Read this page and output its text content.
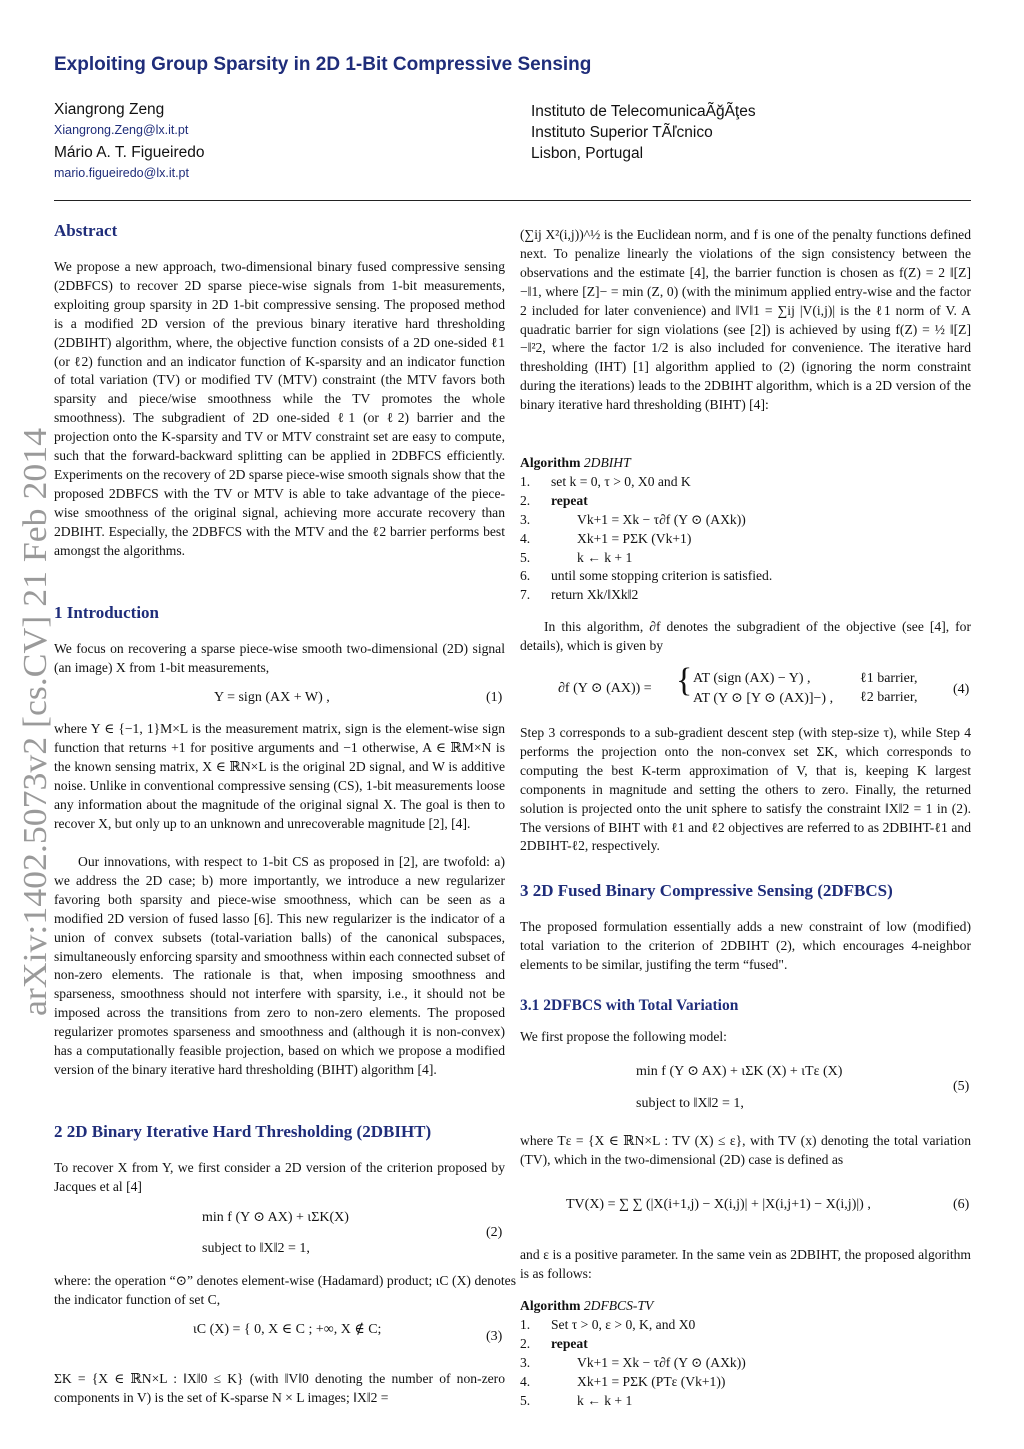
Exploiting Group Sparsity in 2D 1-Bit Compressive Sensing
Xiangrong Zeng
Xiangrong.Zeng@lx.it.pt
Mário A. T. Figueiredo
mario.figueiredo@lx.it.pt
Instituto de TelecomunicaÃğÃţes
Instituto Superior TÃľcnico
Lisbon, Portugal
arXiv:1402.5073v2 [cs.CV] 21 Feb 2014
Abstract
We propose a new approach, two-dimensional binary fused compressive sensing (2DBFCS) to recover 2D sparse piece-wise signals from 1-bit measurements, exploiting group sparsity in 2D 1-bit compressive sensing. The proposed method is a modified 2D version of the previous binary iterative hard thresholding (2DBIHT) algorithm, where, the objective function consists of a 2D one-sided ℓ1 (or ℓ2) function and an indicator function of K-sparsity and an indicator function of total variation (TV) or modified TV (MTV) constraint (the MTV favors both sparsity and piece/wise smoothness while the TV promotes the whole smoothness). The subgradient of 2D one-sided ℓ1 (or ℓ2) barrier and the projection onto the K-sparsity and TV or MTV constraint set are easy to compute, such that the forward-backward splitting can be applied in 2DBFCS efficiently. Experiments on the recovery of 2D sparse piece-wise smooth signals show that the proposed 2DBFCS with the TV or MTV is able to take advantage of the piece-wise smoothness of the original signal, achieving more accurate recovery than 2DBIHT. Especially, the 2DBFCS with the MTV and the ℓ2 barrier performs best amongst the algorithms.
1 Introduction
We focus on recovering a sparse piece-wise smooth two-dimensional (2D) signal (an image) X from 1-bit measurements,
Y = sign (AX + W) ,	(1)
where Y ∈ {−1, 1}M×L is the measurement matrix, sign is the element-wise sign function that returns +1 for positive arguments and −1 otherwise, A ∈ ℝM×N is the known sensing matrix, X ∈ ℝN×L is the original 2D signal, and W is additive noise. Unlike in conventional compressive sensing (CS), 1-bit measurements loose any information about the magnitude of the original signal X. The goal is then to recover X, but only up to an unknown and unrecoverable magnitude [2], [4].
Our innovations, with respect to 1-bit CS as proposed in [2], are twofold: a) we address the 2D case; b) more importantly, we introduce a new regularizer favoring both sparsity and piece-wise smoothness, which can be seen as a modified 2D version of fused lasso [6]. This new regularizer is the indicator of a union of convex subsets (total-variation balls) of the canonical subspaces, simultaneously enforcing sparsity and smoothness within each connected subset of non-zero elements. The rationale is that, when imposing smoothness and sparseness, smoothness should not interfere with sparsity, i.e., it should not be imposed across the transitions from zero to non-zero elements. The proposed regularizer promotes sparseness and smoothness and (although it is non-convex) has a computationally feasible projection, based on which we propose a modified version of the binary iterative hard thresholding (BIHT) algorithm [4].
2 2D Binary Iterative Hard Thresholding (2DBIHT)
To recover X from Y, we first consider a 2D version of the criterion proposed by Jacques et al [4]
min f (Y ⊙ AX) + ιΣK(X)
subject to ‖X‖2 = 1,
(2)
where: the operation “⊙” denotes element-wise (Hadamard) product; ιC (X) denotes the indicator function of set C,
ιC (X) = { 0, X ∈ C ; +∞, X ∉ C;	(3)
ΣK = {X ∈ ℝN×L : ‖X‖0 ≤ K} (with ‖V‖0 denoting the number of non-zero components in V) is the set of K-sparse N × L images; ‖X‖2 =
(∑ij X²(i,j))^½ is the Euclidean norm, and f is one of the penalty functions defined next. To penalize linearly the violations of the sign consistency between the observations and the estimate [4], the barrier function is chosen as f(Z) = 2 ‖[Z]−‖1, where [Z]− = min (Z, 0) (with the minimum applied entry-wise and the factor 2 included for later convenience) and ‖V‖1 = ∑ij |V(i,j)| is the ℓ1 norm of V. A quadratic barrier for sign violations (see [2]) is achieved by using f(Z) = ½ ‖[Z]−‖²2, where the factor 1/2 is also included for convenience. The iterative hard thresholding (IHT) [1] algorithm applied to (2) (ignoring the norm constraint during the iterations) leads to the 2DBIHT algorithm, which is a 2D version of the binary iterative hard thresholding (BIHT) [4]:
Algorithm 2DBIHT
1.	set k = 0, τ > 0, X0 and K
2.	repeat
3.	Vk+1 = Xk − τ∂f (Y ⊙ (AXk))
4.	Xk+1 = PΣK (Vk+1)
5.	k ← k + 1
6.	until some stopping criterion is satisfied.
7.	return Xk/‖Xk‖2
In this algorithm, ∂f denotes the subgradient of the objective (see [4], for details), which is given by
∂f (Y ⊙ (AX)) = { AT (sign (AX) − Y) ,	ℓ1 barrier,
AT (Y ⊙ [Y ⊙ (AX)]−) , ℓ2 barrier,
(4)
Step 3 corresponds to a sub-gradient descent step (with step-size τ), while Step 4 performs the projection onto the non-convex set ΣK, which corresponds to computing the best K-term approximation of V, that is, keeping K largest components in magnitude and setting the others to zero. Finally, the returned solution is projected onto the unit sphere to satisfy the constraint ‖X‖2 = 1 in (2). The versions of BIHT with ℓ1 and ℓ2 objectives are referred to as 2DBIHT-ℓ1 and 2DBIHT-ℓ2, respectively.
3 2D Fused Binary Compressive Sensing (2DFBCS)
The proposed formulation essentially adds a new constraint of low (modified) total variation to the criterion of 2DBIHT (2), which encourages 4-neighbor elements to be similar, justifing the term “fused".
3.1 2DFBCS with Total Variation
We first propose the following model:
min f (Y ⊙ AX) + ιΣK (X) + ιTε (X)
subject to ‖X‖2 = 1,
(5)
where Tε = {X ∈ ℝN×L : TV (X) ≤ ε}, with TV (x) denoting the total variation (TV), which in the two-dimensional (2D) case is defined as
TV(X) = ∑ ∑ (|X(i+1,j) − X(i,j)| + |X(i,j+1) − X(i,j)|) ,	(6)
and ε is a positive parameter. In the same vein as 2DBIHT, the proposed algorithm is as follows:
Algorithm 2DFBCS-TV
1.	Set τ > 0, ε > 0, K, and X0
2.	repeat
3.	Vk+1 = Xk − τ∂f (Y ⊙ (AXk))
4.	Xk+1 = PΣK (PTε (Vk+1))
5.	k ← k + 1
